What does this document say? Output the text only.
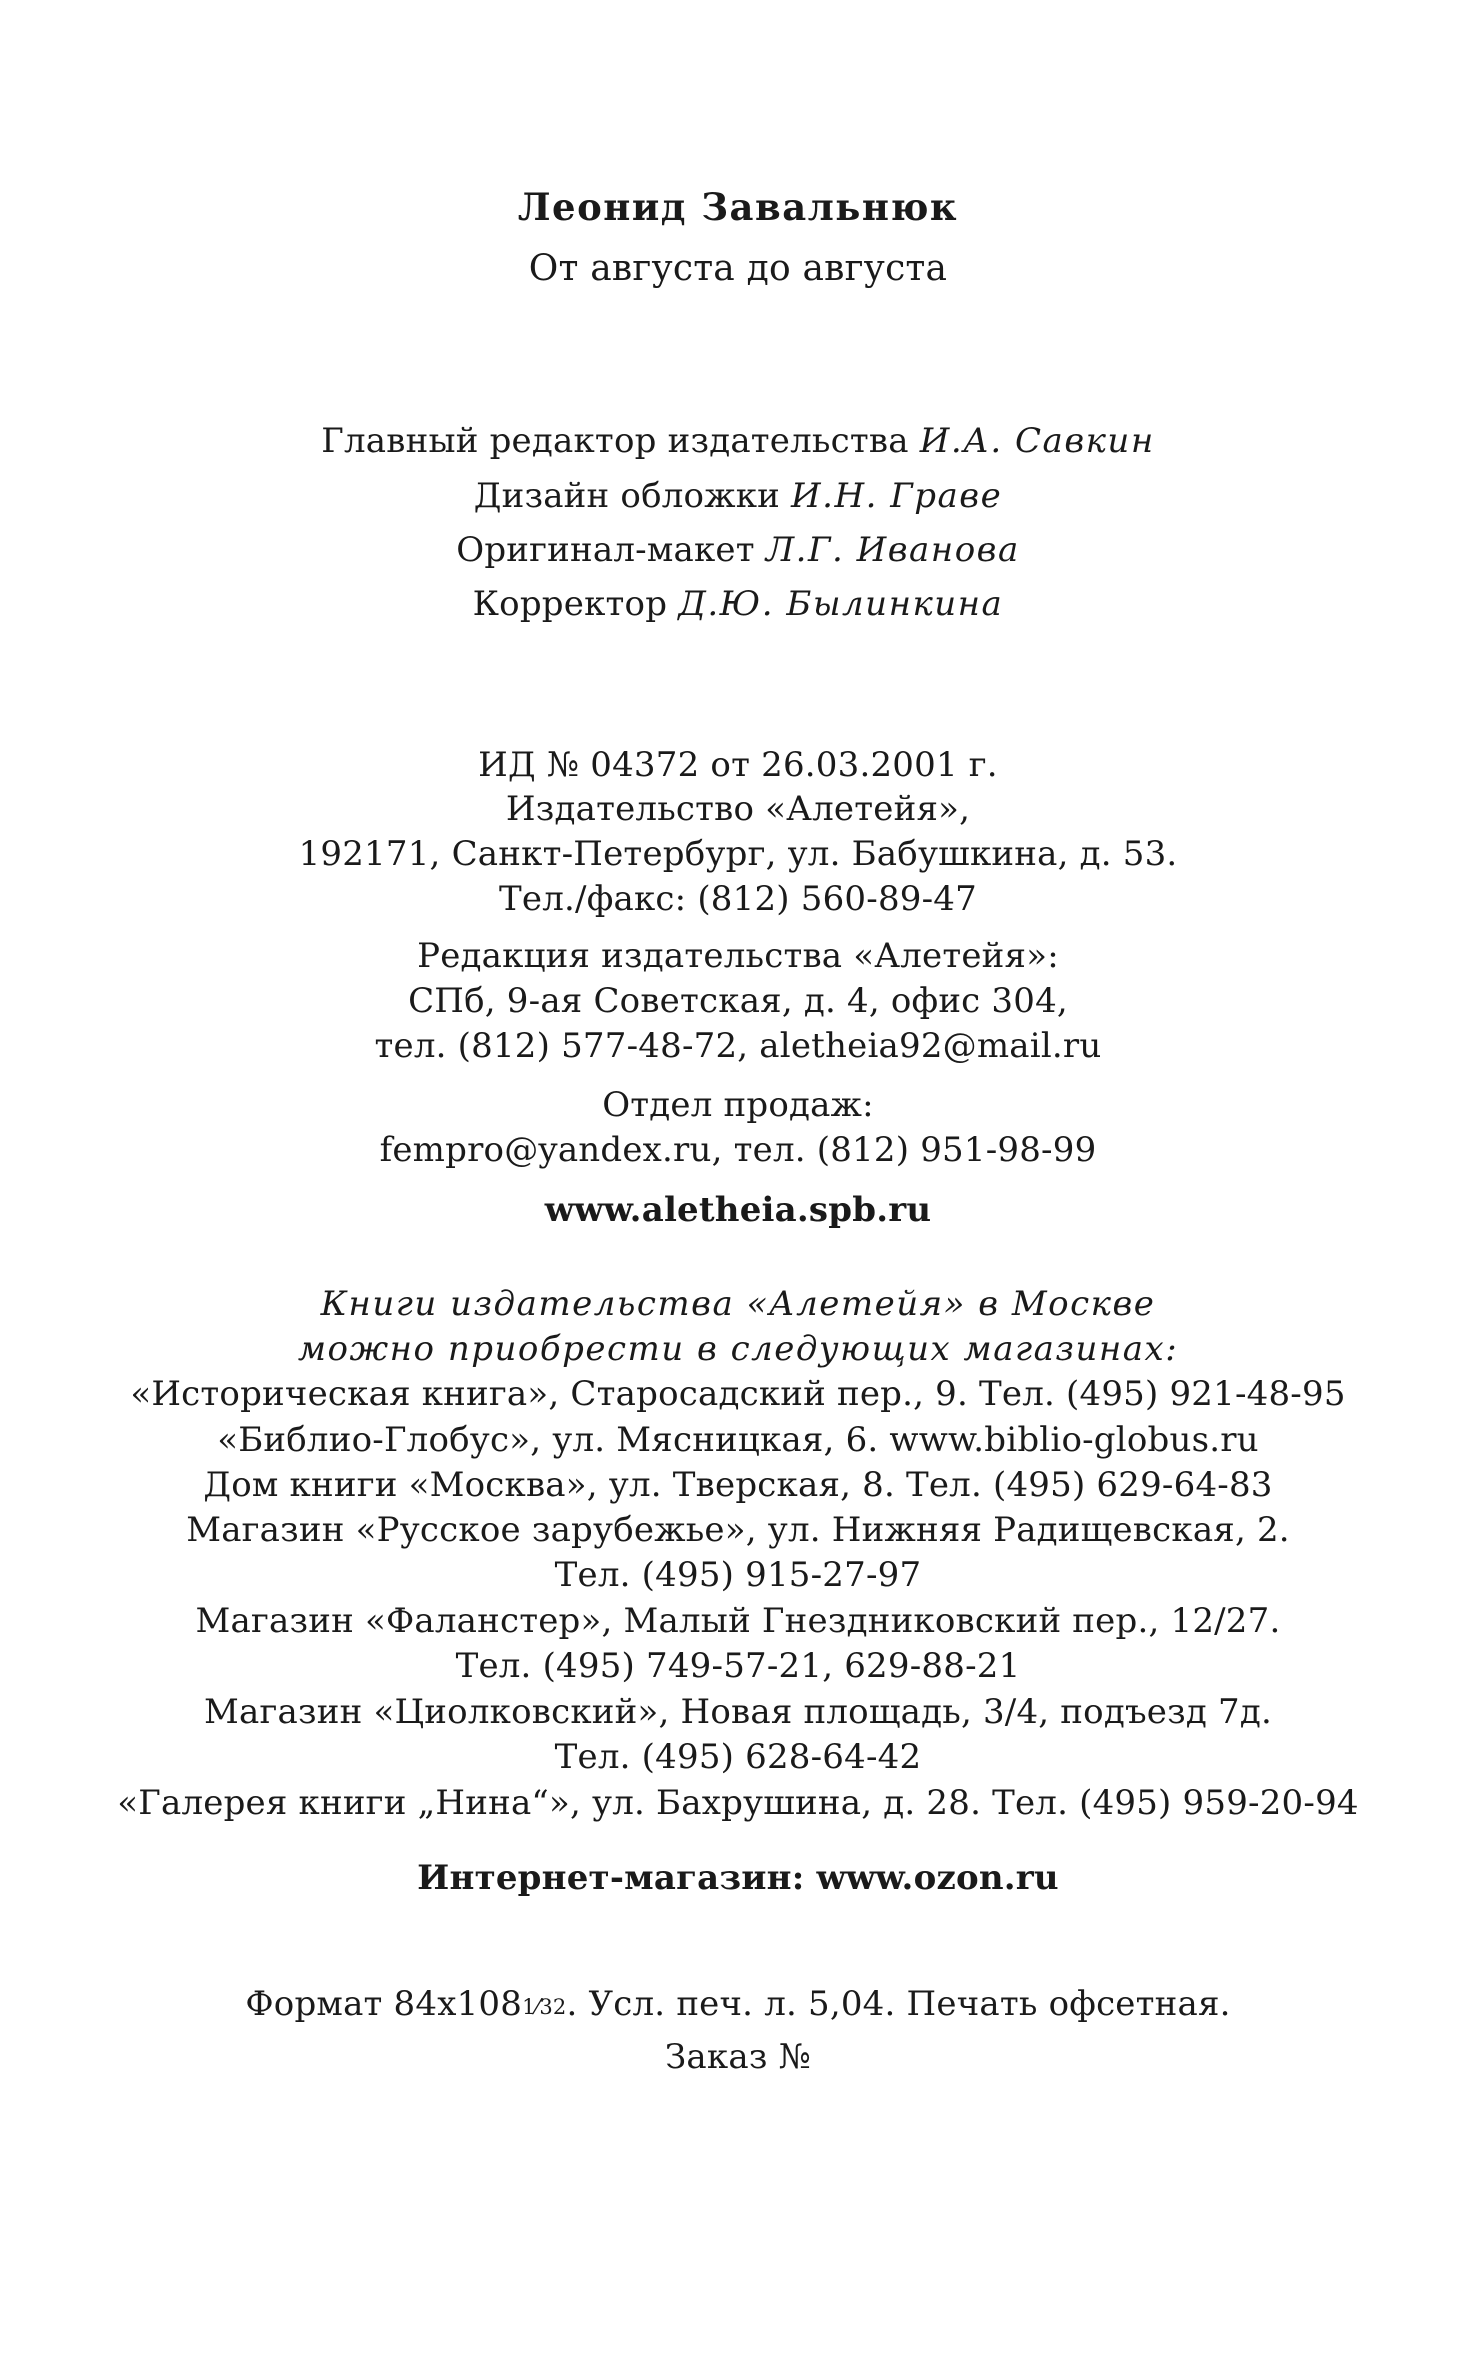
Леонид Завальнюк
От августа до августа
Главный редактор издательства И.А. Савкин
Дизайн обложки И.Н. Граве
Оригинал-макет Л.Г. Иванова
Корректор Д.Ю. Былинкина
ИД № 04372 от 26.03.2001 г.
Издательство «Алетейя»,
192171, Санкт-Петербург, ул. Бабушкина, д. 53.
Тел./факс: (812) 560-89-47
Редакция издательства «Алетейя»:
СПб, 9-ая Советская, д. 4, офис 304,
тел. (812) 577-48-72, aletheia92@mail.ru
Отдел продаж:
fempro@yandex.ru, тел. (812) 951-98-99
www.aletheia.spb.ru
Книги издательства «Алетейя» в Москве
можно приобрести в следующих магазинах:
«Историческая книга», Старосадский пер., 9. Тел. (495) 921-48-95
«Библио-Глобус», ул. Мясницкая, 6. www.biblio-globus.ru
Дом книги «Москва», ул. Тверская, 8. Тел. (495) 629-64-83
Магазин «Русское зарубежье», ул. Нижняя Радищевская, 2.
Тел. (495) 915-27-97
Магазин «Фаланстер», Малый Гнездниковский пер., 12/27.
Тел. (495) 749-57-21, 629-88-21
Магазин «Циолковский», Новая площадь, 3/4, подъезд 7д.
Тел. (495) 628-64-42
«Галерея книги „Нина“», ул. Бахрушина, д. 28. Тел. (495) 959-20-94
Интернет-магазин: www.ozon.ru
Формат 84х1081⁄32. Усл. печ. л. 5,04. Печать офсетная.
Заказ №
